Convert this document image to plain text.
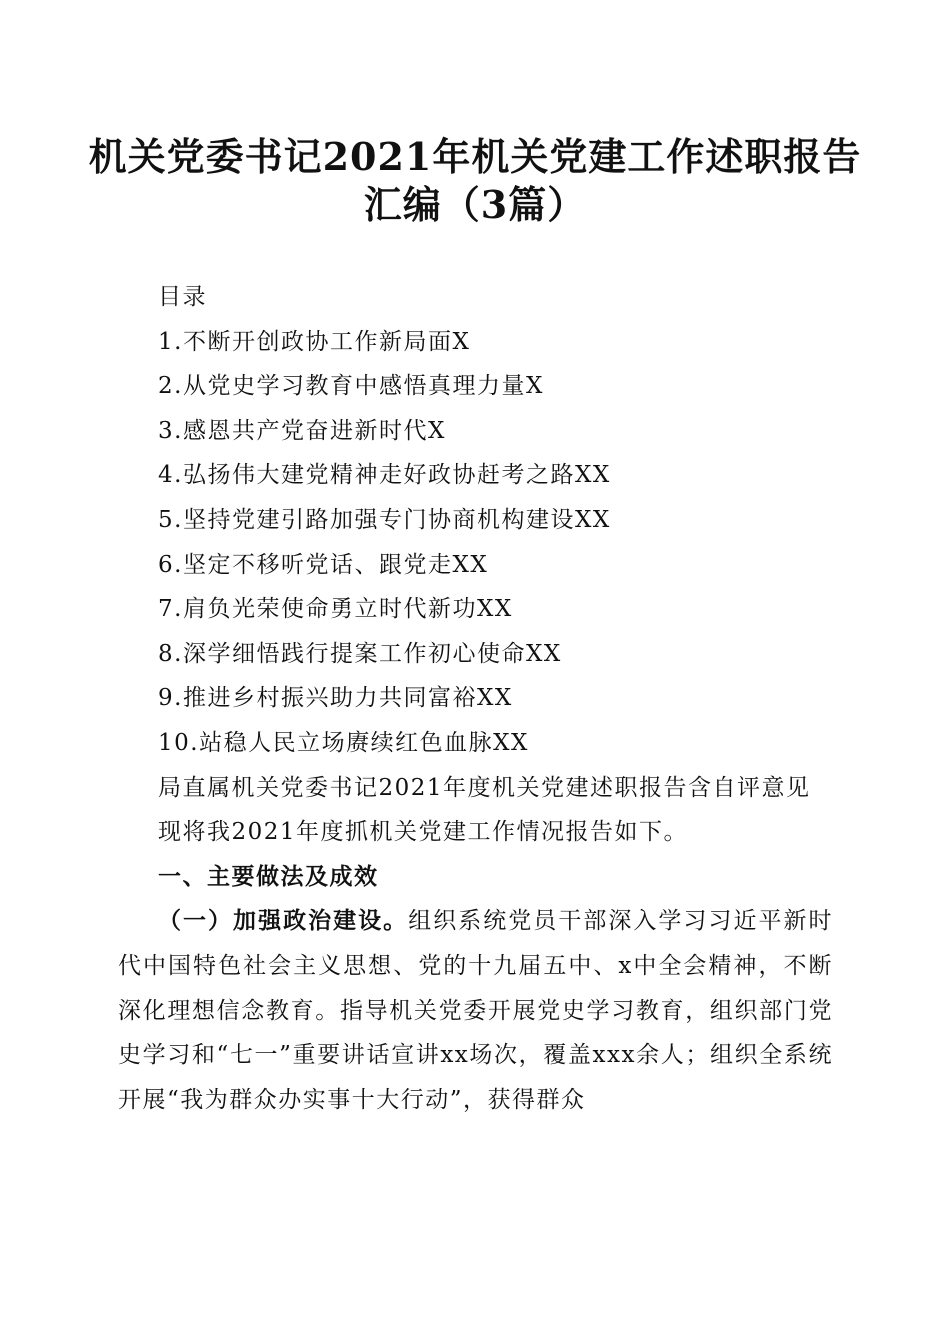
机关党委书记2021年机关党建工作述职报告
汇编（3篇）
目录
1.不断开创政协工作新局面X
2.从党史学习教育中感悟真理力量X
3.感恩共产党奋进新时代X
4.弘扬伟大建党精神走好政协赶考之路XX
5.坚持党建引路加强专门协商机构建设XX
6.坚定不移听党话、跟党走XX
7.肩负光荣使命勇立时代新功XX
8.深学细悟践行提案工作初心使命XX
9.推进乡村振兴助力共同富裕XX
10.站稳人民立场赓续红色血脉XX
局直属机关党委书记2021年度机关党建述职报告含自评意见
现将我2021年度抓机关党建工作情况报告如下。
一、主要做法及成效
（一）加强政治建设。组织系统党员干部深入学习习近平新时代中国特色社会主义思想、党的十九届五中、x中全会精神，不断深化理想信念教育。指导机关党委开展党史学习教育，组织部门党史学习和“七一”重要讲话宣讲xx场次，覆盖xxx余人；组织全系统开展“我为群众办实事十大行动”，获得群众
